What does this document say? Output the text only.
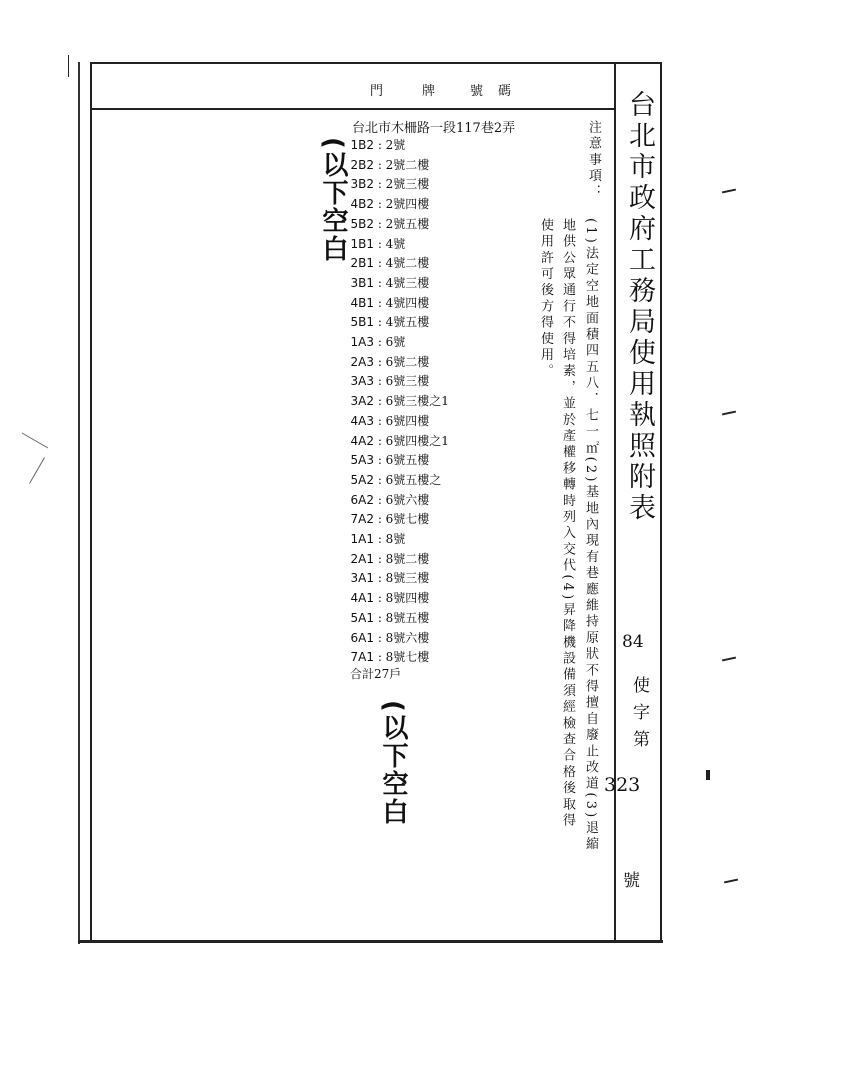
門	牌	號 碼
台北市木柵路一段117巷2弄
1B2 : 2號
2B2 : 2號二樓
3B2 : 2號三樓
4B2 : 2號四樓
5B2 : 2號五樓
1B1 : 4號
2B1 : 4號二樓
3B1 : 4號三樓
4B1 : 4號四樓
5B1 : 4號五樓
1A3 : 6號
2A3 : 6號二樓
3A3 : 6號三樓
3A2 : 6號三樓之1
4A3 : 6號四樓
4A2 : 6號四樓之1
5A3 : 6號五樓
5A2 : 6號五樓之
6A2 : 6號六樓
7A2 : 6號七樓
1A1 : 8號
2A1 : 8號二樓
3A1 : 8號三樓
4A1 : 8號四樓
5A1 : 8號五樓
6A1 : 8號六樓
7A1 : 8號七樓
合計27戶
(以下空白
(以下空白
注意事項：
(1)法定空地面積四五八．七一㎡(2)基地內現有巷應維持原狀不得擅自廢止改道(3)退縮
地供公眾通行不得培素，並於產權移轉時列入交代(4)昇降機設備須經檢查合格後取得
使用許可後方得使用。	台北市政府工務局使用執照附表
84
使字第
323
號
